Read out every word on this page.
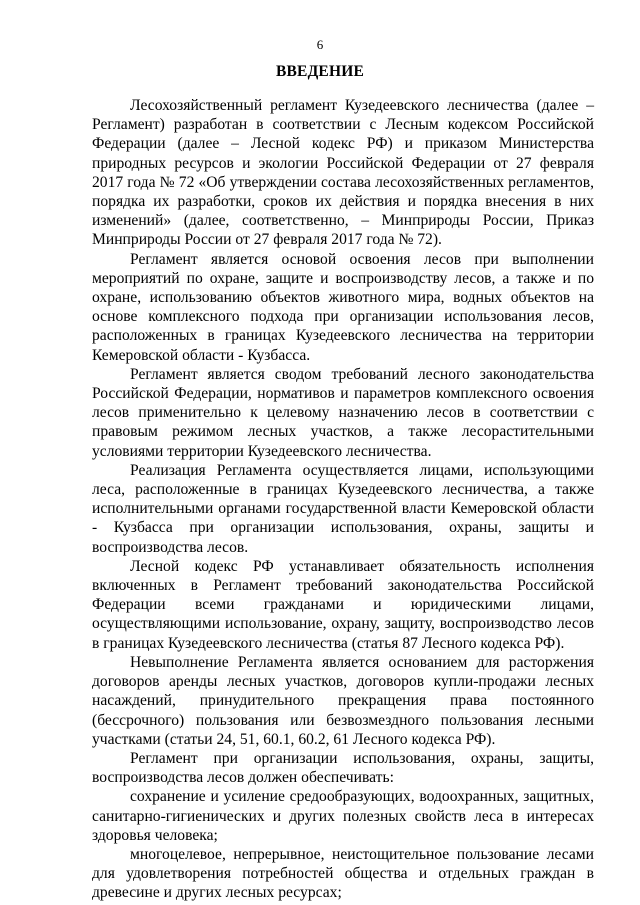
6
ВВЕДЕНИЕ

Лесохозяйственный регламент Кузедеевского лесничества (далее – Регламент) разработан в соответствии с Лесным кодексом Российской Федерации (далее – Лесной кодекс РФ) и приказом Министерства природных ресурсов и экологии Российской Федерации от 27 февраля 2017 года № 72 «Об утверждении состава лесохозяйственных регламентов, порядка их разработки, сроков их действия и порядка внесения в них изменений» (далее, соответственно, – Минприроды России, Приказ Минприроды России от 27 февраля 2017 года № 72).

Регламент является основой освоения лесов при выполнении мероприятий по охране, защите и воспроизводству лесов, а также и по охране, использованию объектов животного мира, водных объектов на основе комплексного подхода при организации использования лесов, расположенных в границах Кузедеевского лесничества на территории Кемеровской области - Кузбасса.

Регламент является сводом требований лесного законодательства Российской Федерации, нормативов и параметров комплексного освоения лесов применительно к целевому назначению лесов в соответствии с правовым режимом лесных участков, а также лесорастительными условиями территории Кузедеевского лесничества.

Реализация Регламента осуществляется лицами, использующими леса, расположенные в границах Кузедеевского лесничества, а также исполнительными органами государственной власти Кемеровской области - Кузбасса при организации использования, охраны, защиты и воспроизводства лесов.

Лесной кодекс РФ устанавливает обязательность исполнения включенных в Регламент требований законодательства Российской Федерации всеми гражданами и юридическими лицами, осуществляющими использование, охрану, защиту, воспроизводство лесов в границах Кузедеевского лесничества (статья 87 Лесного кодекса РФ).

Невыполнение Регламента является основанием для расторжения договоров аренды лесных участков, договоров купли-продажи лесных насаждений, принудительного прекращения права постоянного (бессрочного) пользования или безвозмездного пользования лесными участками (статьи 24, 51, 60.1, 60.2, 61 Лесного кодекса РФ).

Регламент при организации использования, охраны, защиты, воспроизводства лесов должен обеспечивать:

сохранение и усиление средообразующих, водоохранных, защитных, санитарно-гигиенических и других полезных свойств леса в интересах здоровья человека;

многоцелевое, непрерывное, неистощительное пользование лесами для удовлетворения потребностей общества и отдельных граждан в древесине и других лесных ресурсах;
